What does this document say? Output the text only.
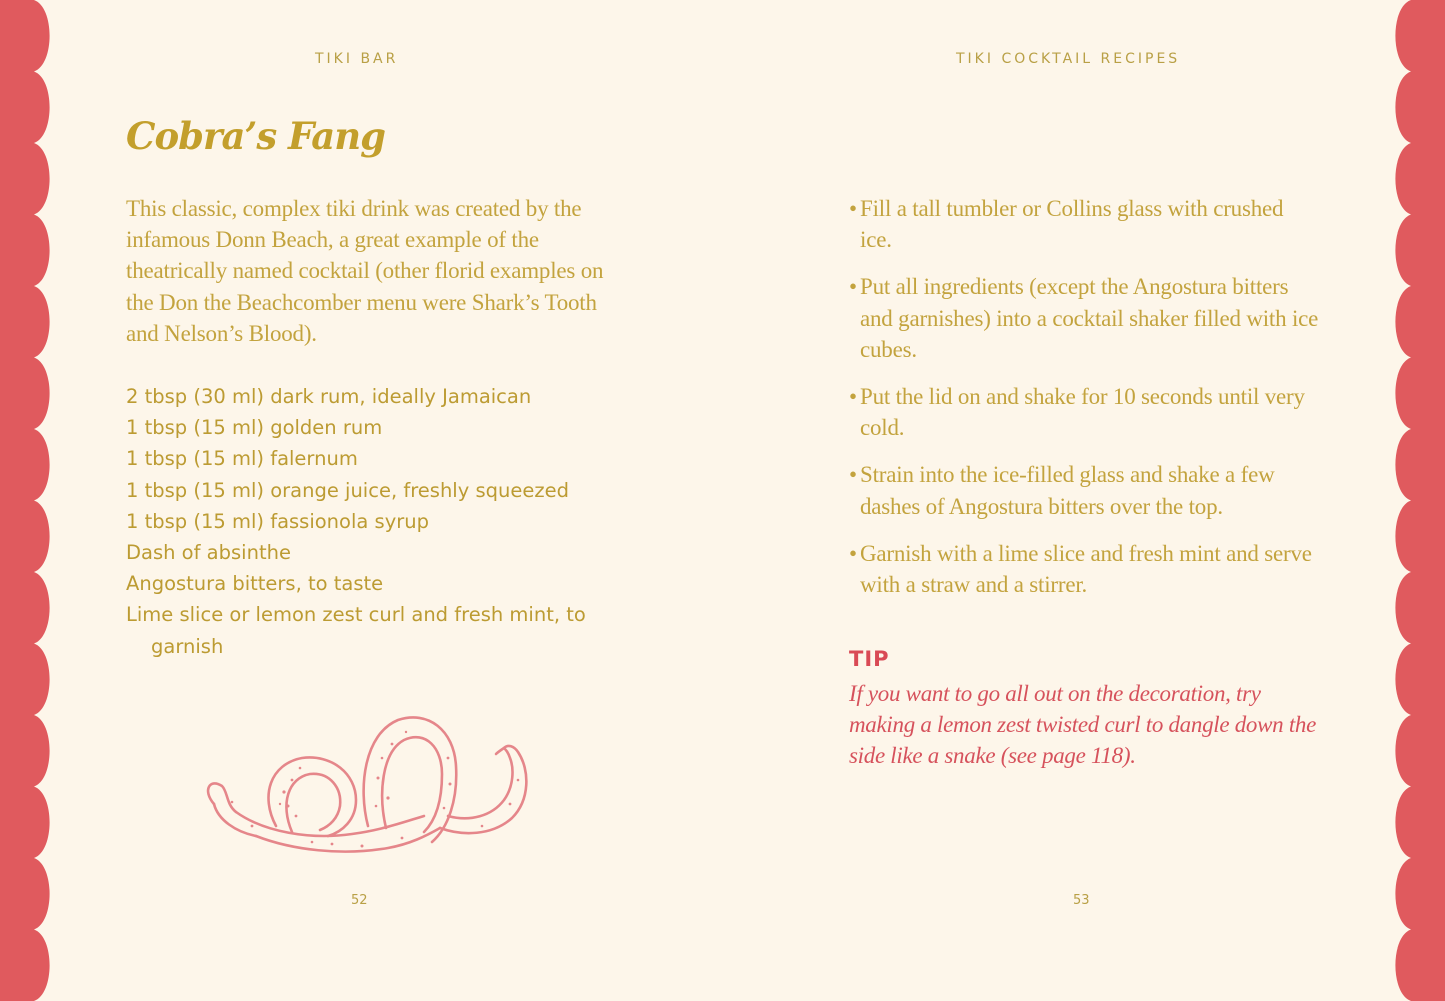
TIKI BAR	TIKI COCKTAIL RECIPES
Cobra’s Fang

This classic, complex tiki drink was created by the infamous Donn Beach, a great example of the theatrically named cocktail (other florid examples on the Don the Beachcomber menu were Shark’s Tooth and Nelson’s Blood).

2 tbsp (30 ml) dark rum, ideally Jamaican
1 tbsp (15 ml) golden rum
1 tbsp (15 ml) falernum
1 tbsp (15 ml) orange juice, freshly squeezed
1 tbsp (15 ml) fassionola syrup
Dash of absinthe
Angostura bitters, to taste
Lime slice or lemon zest curl and fresh mint, to garnish
• Fill a tall tumbler or Collins glass with crushed ice.
• Put all ingredients (except the Angostura bitters and garnishes) into a cocktail shaker filled with ice cubes.
• Put the lid on and shake for 10 seconds until very cold.
• Strain into the ice-filled glass and shake a few dashes of Angostura bitters over the top.
• Garnish with a lime slice and fresh mint and serve with a straw and a stirrer.
TIP

If you want to go all out on the decoration, try making a lemon zest twisted curl to dangle down the side like a snake (see page 118).

52	53
